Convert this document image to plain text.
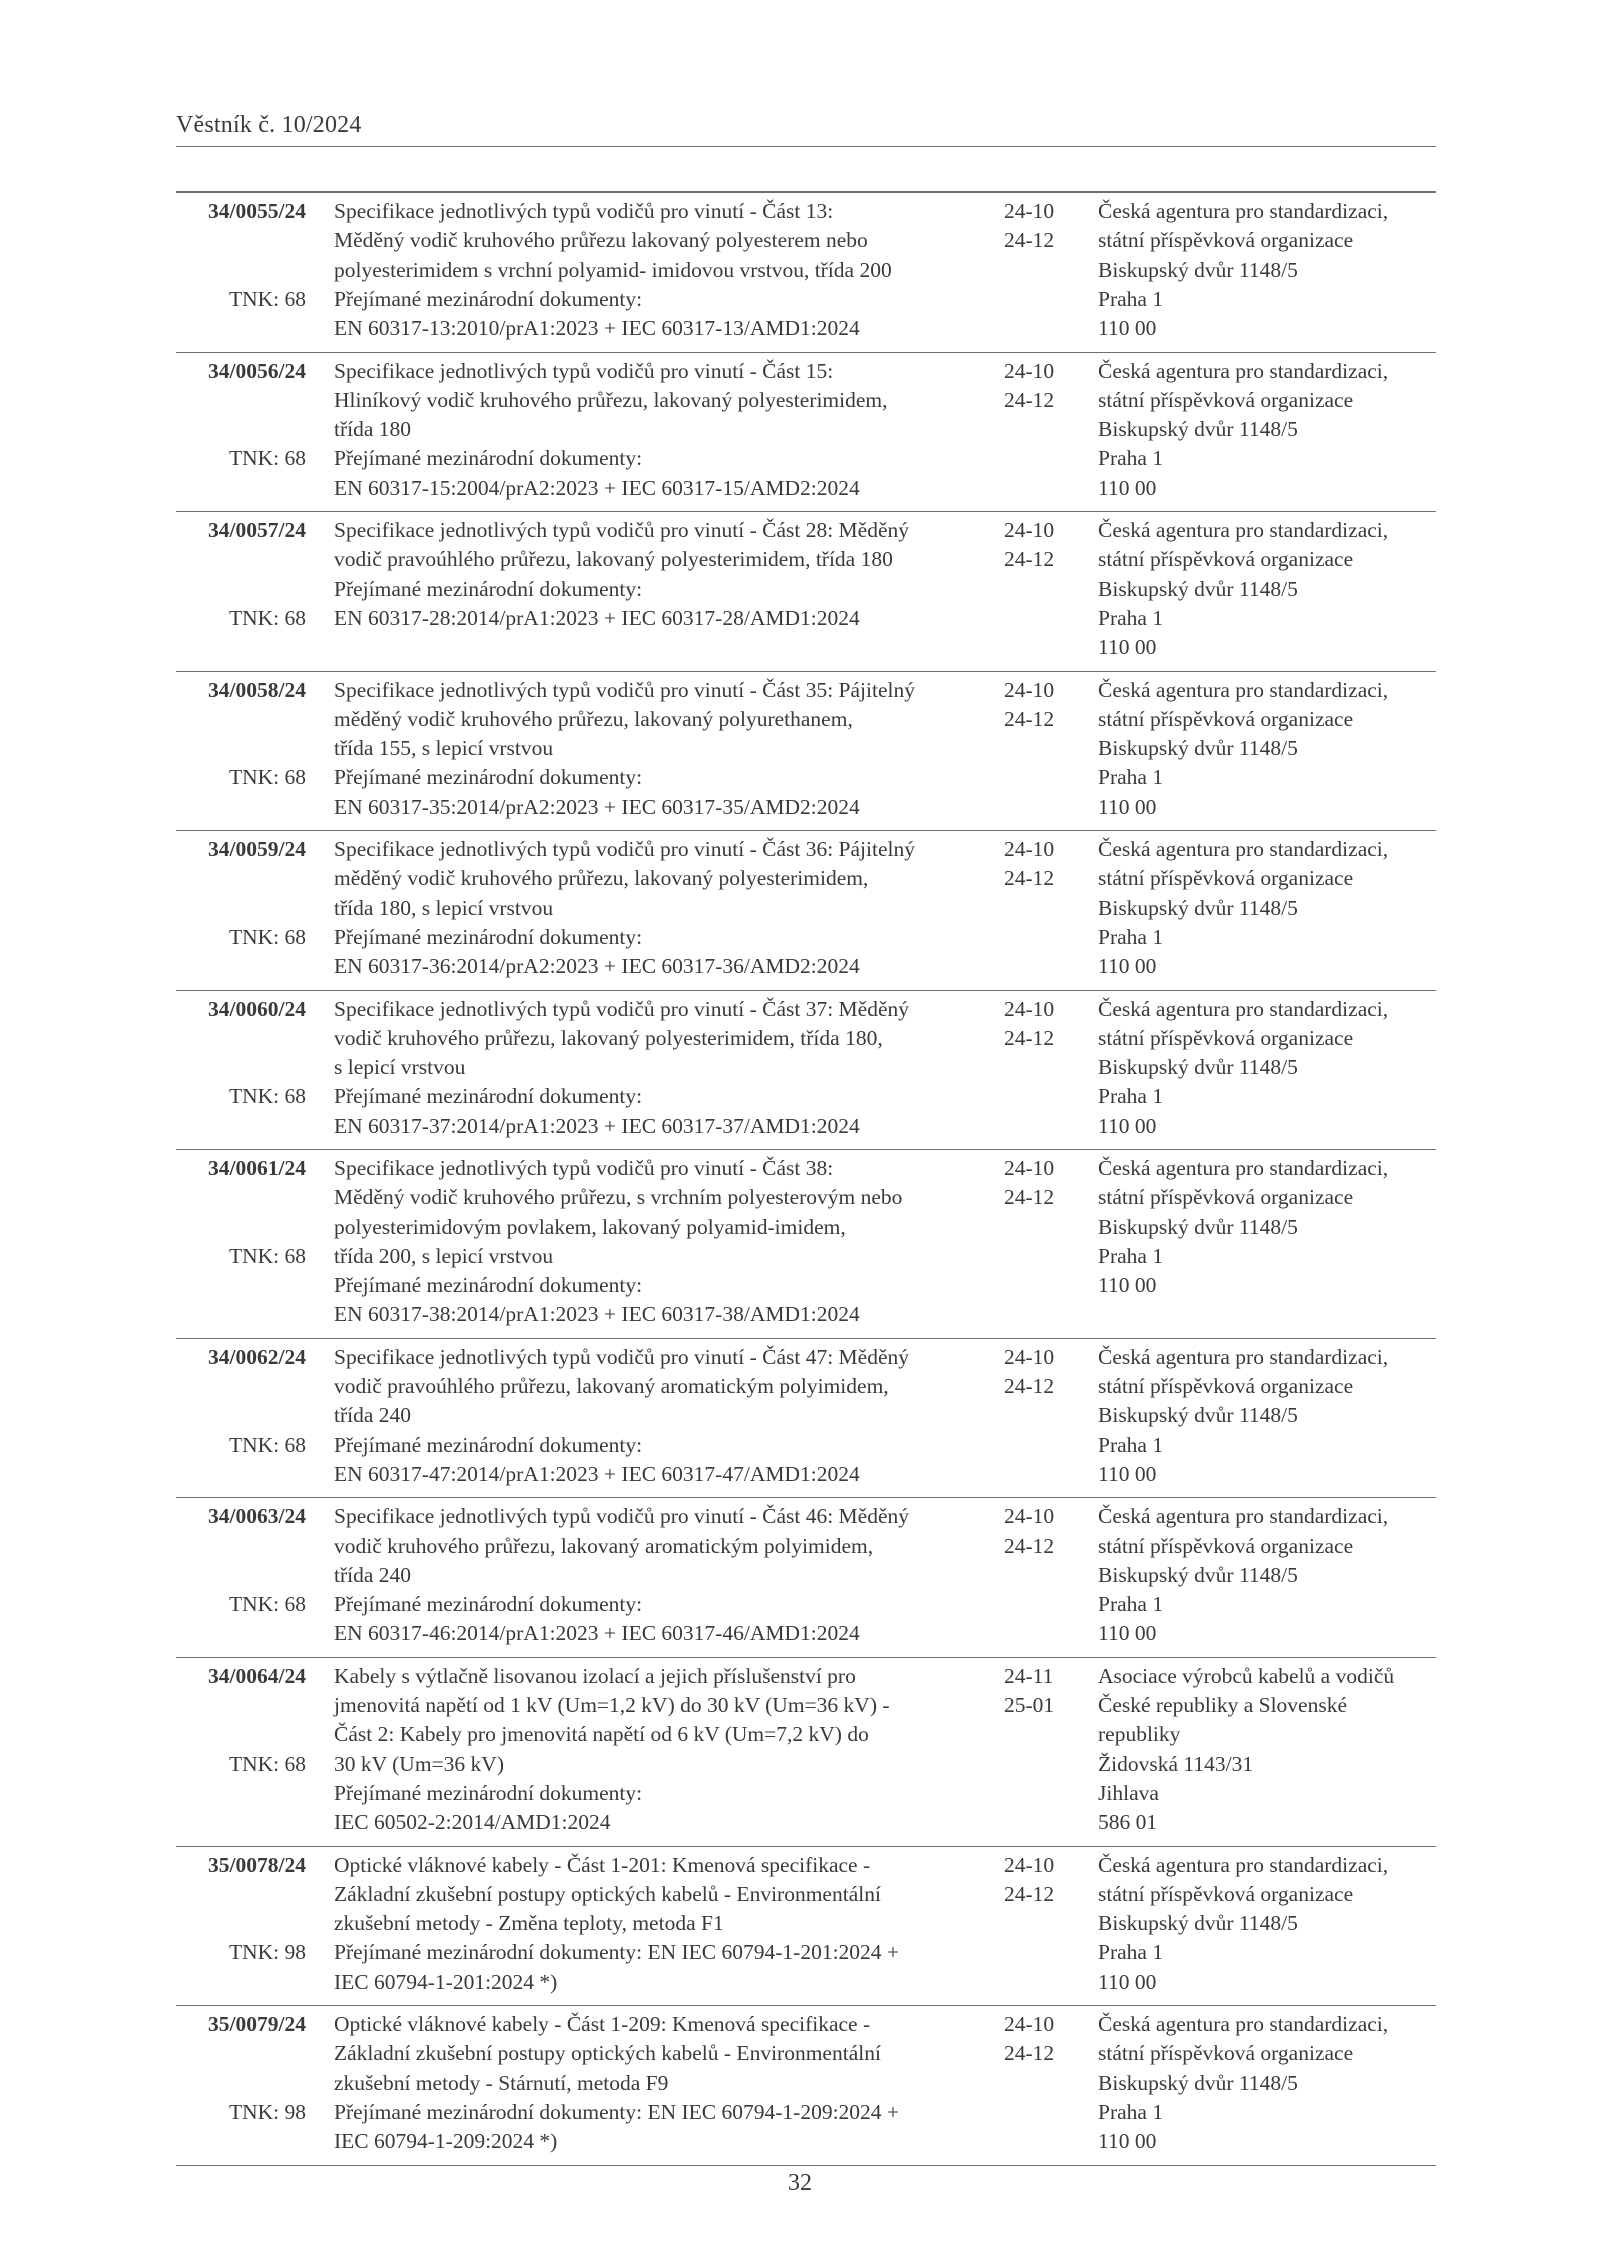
Věstník č. 10/2024
34/0055/24
TNK: 68
Specifikace jednotlivých typů vodičů pro vinutí - Část 13:
Měděný vodič kruhového průřezu lakovaný polyesterem nebo
polyesterimidem s vrchní polyamid- imidovou vrstvou, třída 200
Přejímané mezinárodní dokumenty:
EN 60317-13:2010/prA1:2023 + IEC 60317-13/AMD1:2024
24-10
24-12
Česká agentura pro standardizaci,
státní příspěvková organizace
Biskupský dvůr 1148/5
Praha 1
110 00
34/0056/24
TNK: 68
Specifikace jednotlivých typů vodičů pro vinutí - Část 15:
Hliníkový vodič kruhového průřezu, lakovaný polyesterimidem,
třída 180
Přejímané mezinárodní dokumenty:
EN 60317-15:2004/prA2:2023 + IEC 60317-15/AMD2:2024
24-10
24-12
Česká agentura pro standardizaci,
státní příspěvková organizace
Biskupský dvůr 1148/5
Praha 1
110 00
34/0057/24
TNK: 68
Specifikace jednotlivých typů vodičů pro vinutí - Část 28: Měděný
vodič pravoúhlého průřezu, lakovaný polyesterimidem, třída 180
Přejímané mezinárodní dokumenty:
EN 60317-28:2014/prA1:2023 + IEC 60317-28/AMD1:2024
24-10
24-12
Česká agentura pro standardizaci,
státní příspěvková organizace
Biskupský dvůr 1148/5
Praha 1
110 00
34/0058/24
TNK: 68
Specifikace jednotlivých typů vodičů pro vinutí - Část 35: Pájitelný
měděný vodič kruhového průřezu, lakovaný polyurethanem,
třída 155, s lepicí vrstvou
Přejímané mezinárodní dokumenty:
EN 60317-35:2014/prA2:2023 + IEC 60317-35/AMD2:2024
24-10
24-12
Česká agentura pro standardizaci,
státní příspěvková organizace
Biskupský dvůr 1148/5
Praha 1
110 00
34/0059/24
TNK: 68
Specifikace jednotlivých typů vodičů pro vinutí - Část 36: Pájitelný
měděný vodič kruhového průřezu, lakovaný polyesterimidem,
třída 180, s lepicí vrstvou
Přejímané mezinárodní dokumenty:
EN 60317-36:2014/prA2:2023 + IEC 60317-36/AMD2:2024
24-10
24-12
Česká agentura pro standardizaci,
státní příspěvková organizace
Biskupský dvůr 1148/5
Praha 1
110 00
34/0060/24
TNK: 68
Specifikace jednotlivých typů vodičů pro vinutí - Část 37: Měděný
vodič kruhového průřezu, lakovaný polyesterimidem, třída 180,
s lepicí vrstvou
Přejímané mezinárodní dokumenty:
EN 60317-37:2014/prA1:2023 + IEC 60317-37/AMD1:2024
24-10
24-12
Česká agentura pro standardizaci,
státní příspěvková organizace
Biskupský dvůr 1148/5
Praha 1
110 00
34/0061/24
TNK: 68
Specifikace jednotlivých typů vodičů pro vinutí - Část 38:
Měděný vodič kruhového průřezu, s vrchním polyesterovým nebo
polyesterimidovým povlakem, lakovaný polyamid-imidem,
třída 200, s lepicí vrstvou
Přejímané mezinárodní dokumenty:
EN 60317-38:2014/prA1:2023 + IEC 60317-38/AMD1:2024
24-10
24-12
Česká agentura pro standardizaci,
státní příspěvková organizace
Biskupský dvůr 1148/5
Praha 1
110 00
34/0062/24
TNK: 68
Specifikace jednotlivých typů vodičů pro vinutí - Část 47: Měděný
vodič pravoúhlého průřezu, lakovaný aromatickým polyimidem,
třída 240
Přejímané mezinárodní dokumenty:
EN 60317-47:2014/prA1:2023 + IEC 60317-47/AMD1:2024
24-10
24-12
Česká agentura pro standardizaci,
státní příspěvková organizace
Biskupský dvůr 1148/5
Praha 1
110 00
34/0063/24
TNK: 68
Specifikace jednotlivých typů vodičů pro vinutí - Část 46: Měděný
vodič kruhového průřezu, lakovaný aromatickým polyimidem,
třída 240
Přejímané mezinárodní dokumenty:
EN 60317-46:2014/prA1:2023 + IEC 60317-46/AMD1:2024
24-10
24-12
Česká agentura pro standardizaci,
státní příspěvková organizace
Biskupský dvůr 1148/5
Praha 1
110 00
34/0064/24
TNK: 68
Kabely s výtlačně lisovanou izolací a jejich příslušenství pro
jmenovitá napětí od 1 kV (Um=1,2 kV) do 30 kV (Um=36 kV) -
Část 2: Kabely pro jmenovitá napětí od 6 kV (Um=7,2 kV) do
30 kV (Um=36 kV)
Přejímané mezinárodní dokumenty:
IEC 60502-2:2014/AMD1:2024
24-11
25-01
Asociace výrobců kabelů a vodičů
České republiky a Slovenské
republiky
Židovská 1143/31
Jihlava
586 01
35/0078/24
TNK: 98
Optické vláknové kabely - Část 1-201: Kmenová specifikace -
Základní zkušební postupy optických kabelů - Environmentální
zkušební metody - Změna teploty, metoda F1
Přejímané mezinárodní dokumenty: EN IEC 60794-1-201:2024 +
IEC 60794-1-201:2024 *)
24-10
24-12
Česká agentura pro standardizaci,
státní příspěvková organizace
Biskupský dvůr 1148/5
Praha 1
110 00
35/0079/24
TNK: 98
Optické vláknové kabely - Část 1-209: Kmenová specifikace -
Základní zkušební postupy optických kabelů - Environmentální
zkušební metody - Stárnutí, metoda F9
Přejímané mezinárodní dokumenty: EN IEC 60794-1-209:2024 +
IEC 60794-1-209:2024 *)
24-10
24-12
Česká agentura pro standardizaci,
státní příspěvková organizace
Biskupský dvůr 1148/5
Praha 1
110 00
32
